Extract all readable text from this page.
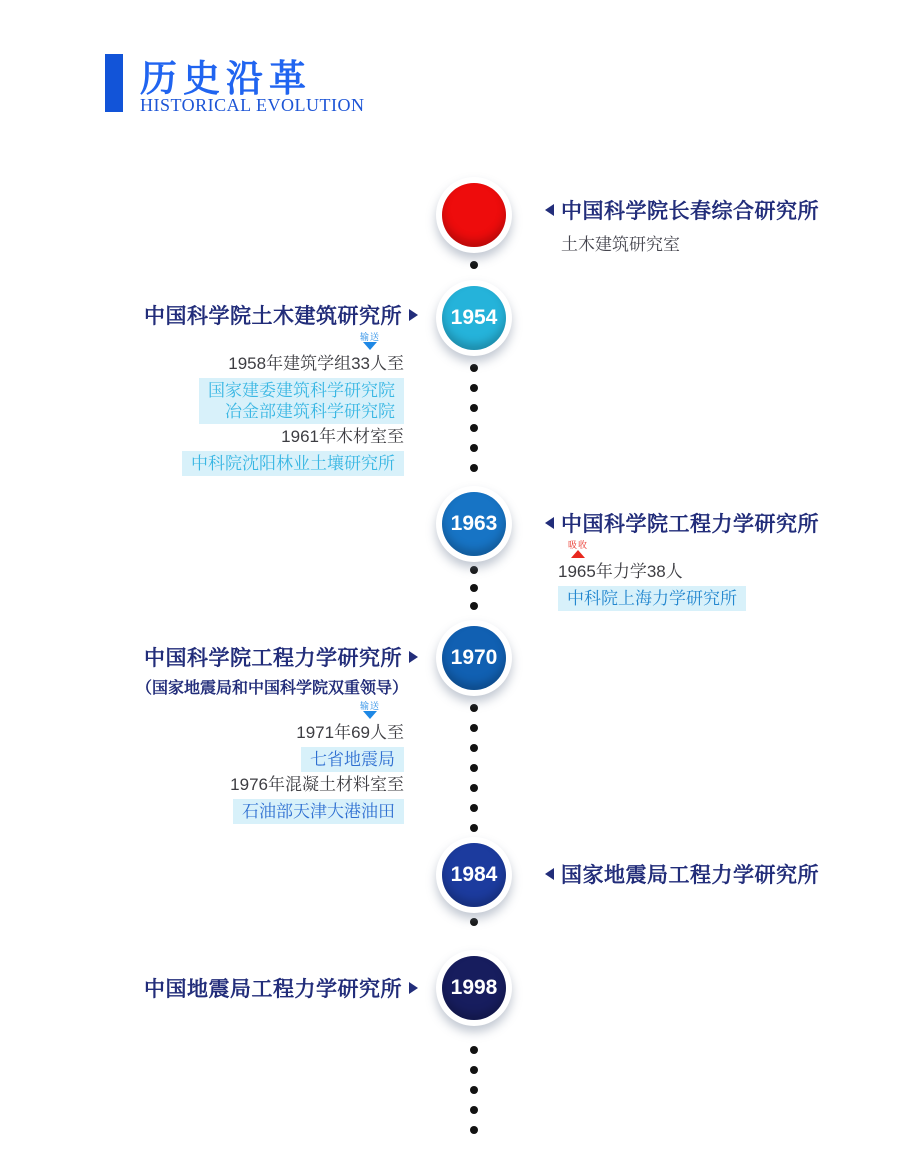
历史沿革
HISTORICAL EVOLUTION
1954
1963
1970
1984
1998
中国科学院长春综合研究所
土木建筑研究室
中国科学院土木建筑研究所
输送
1958年建筑学组33人至
国家建委建筑科学研究院
冶金部建筑科学研究院
1961年木材室至
中科院沈阳林业土壤研究所
中国科学院工程力学研究所
吸收
1965年力学38人
中科院上海力学研究所
中国科学院工程力学研究所
（国家地震局和中国科学院双重领导）
输送
1971年69人至
七省地震局
1976年混凝土材料室至
石油部天津大港油田
国家地震局工程力学研究所
中国地震局工程力学研究所
